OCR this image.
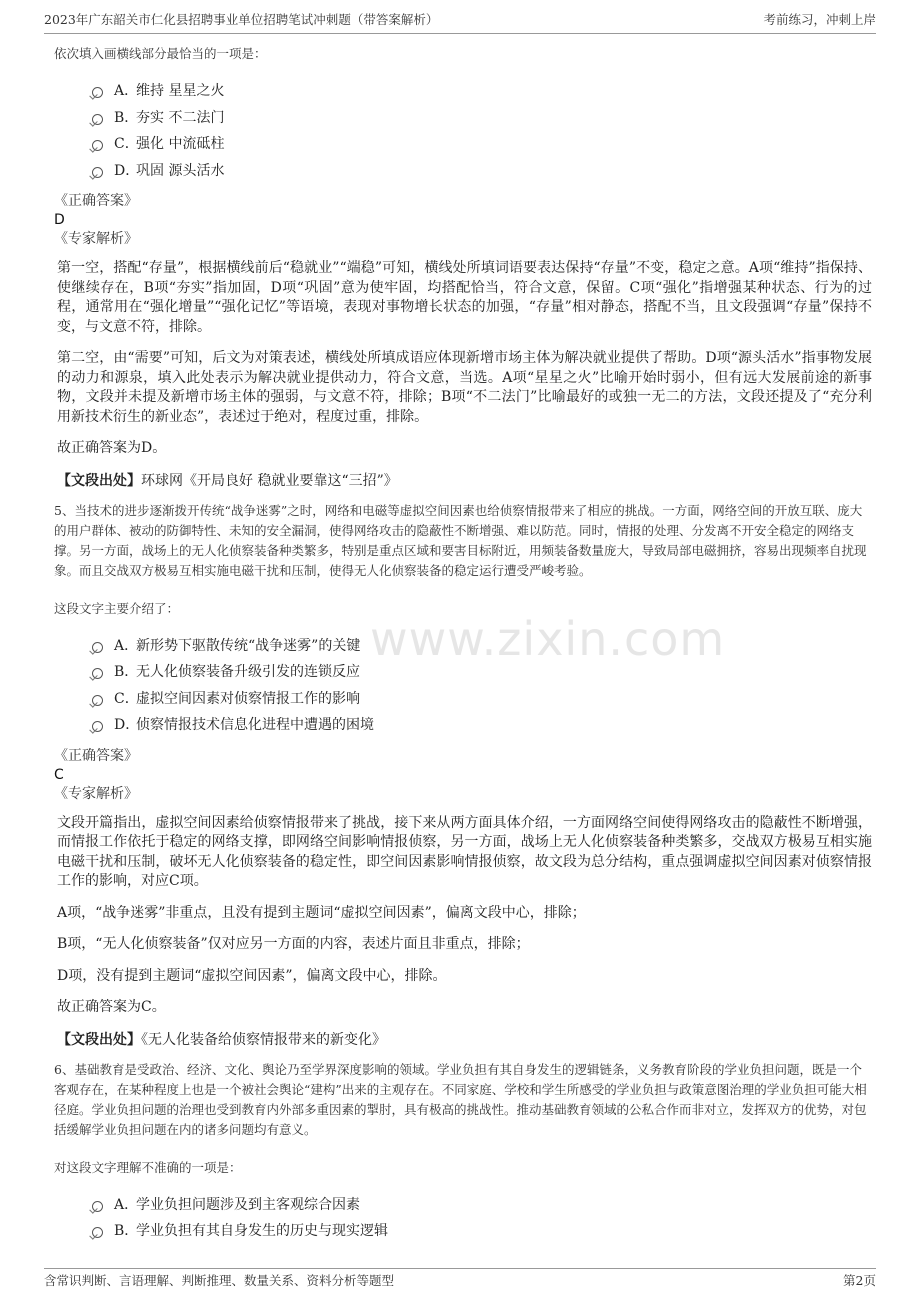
2023年广东韶关市仁化县招聘事业单位招聘笔试冲刺题（带答案解析）	考前练习，冲刺上岸
www.zixin.com
依次填入画横线部分最恰当的一项是：
A．维持 星星之火
B．夯实 不二法门
C．强化 中流砥柱
D．巩固 源头活水
《正确答案》
D
《专家解析》

第一空，搭配“存量”，根据横线前后“稳就业”“端稳”可知，横线处所填词语要表达保持“存量”不变，稳定之意。A项“维持”指保持、使继续存在，B项“夯实”指加固，D项“巩固”意为使牢固，均搭配恰当，符合文意，保留。C项“强化”指增强某种状态、行为的过程，通常用在“强化增量”“强化记忆”等语境，表现对事物增长状态的加强，“存量”相对静态，搭配不当，且文段强调“存量”保持不变，与文意不符，排除。

第二空，由“需要”可知，后文为对策表述，横线处所填成语应体现新增市场主体为解决就业提供了帮助。D项“源头活水”指事物发展的动力和源泉，填入此处表示为解决就业提供动力，符合文意，当选。A项“星星之火”比喻开始时弱小，但有远大发展前途的新事物，文段并未提及新增市场主体的强弱，与文意不符，排除；B项“不二法门”比喻最好的或独一无二的方法，文段还提及了“充分利用新技术衍生的新业态”，表述过于绝对，程度过重，排除。

故正确答案为D。

【文段出处】环球网《开局良好 稳就业要靠这“三招”》

5、当技术的进步逐渐拨开传统“战争迷雾”之时，网络和电磁等虚拟空间因素也给侦察情报带来了相应的挑战。一方面，网络空间的开放互联、庞大的用户群体、被动的防御特性、未知的安全漏洞，使得网络攻击的隐蔽性不断增强、难以防范。同时，情报的处理、分发离不开安全稳定的网络支撑。另一方面，战场上的无人化侦察装备种类繁多，特别是重点区域和要害目标附近，用频装备数量庞大，导致局部电磁拥挤，容易出现频率自扰现象。而且交战双方极易互相实施电磁干扰和压制，使得无人化侦察装备的稳定运行遭受严峻考验。
这段文字主要介绍了：
A．新形势下驱散传统“战争迷雾”的关键
B．无人化侦察装备升级引发的连锁反应
C．虚拟空间因素对侦察情报工作的影响
D．侦察情报技术信息化进程中遭遇的困境
《正确答案》
C
《专家解析》

文段开篇指出，虚拟空间因素给侦察情报带来了挑战，接下来从两方面具体介绍，一方面网络空间使得网络攻击的隐蔽性不断增强，而情报工作依托于稳定的网络支撑，即网络空间影响情报侦察，另一方面，战场上无人化侦察装备种类繁多，交战双方极易互相实施电磁干扰和压制，破坏无人化侦察装备的稳定性，即空间因素影响情报侦察，故文段为总分结构，重点强调虚拟空间因素对侦察情报工作的影响，对应C项。

A项，“战争迷雾”非重点，且没有提到主题词“虚拟空间因素”，偏离文段中心，排除；

B项，“无人化侦察装备”仅对应另一方面的内容，表述片面且非重点，排除；

D项，没有提到主题词“虚拟空间因素”，偏离文段中心，排除。

故正确答案为C。

【文段出处】《无人化装备给侦察情报带来的新变化》

6、基础教育是受政治、经济、文化、舆论乃至学界深度影响的领域。学业负担有其自身发生的逻辑链条，义务教育阶段的学业负担问题，既是一个客观存在，在某种程度上也是一个被社会舆论“建构”出来的主观存在。不同家庭、学校和学生所感受的学业负担与政策意图治理的学业负担可能大相径庭。学业负担问题的治理也受到教育内外部多重因素的掣肘，具有极高的挑战性。推动基础教育领域的公私合作而非对立，发挥双方的优势，对包括缓解学业负担问题在内的诸多问题均有意义。
对这段文字理解不准确的一项是：
A．学业负担问题涉及到主客观综合因素
B．学业负担有其自身发生的历史与现实逻辑
含常识判断、言语理解、判断推理、数量关系、资料分析等题型	第2页
